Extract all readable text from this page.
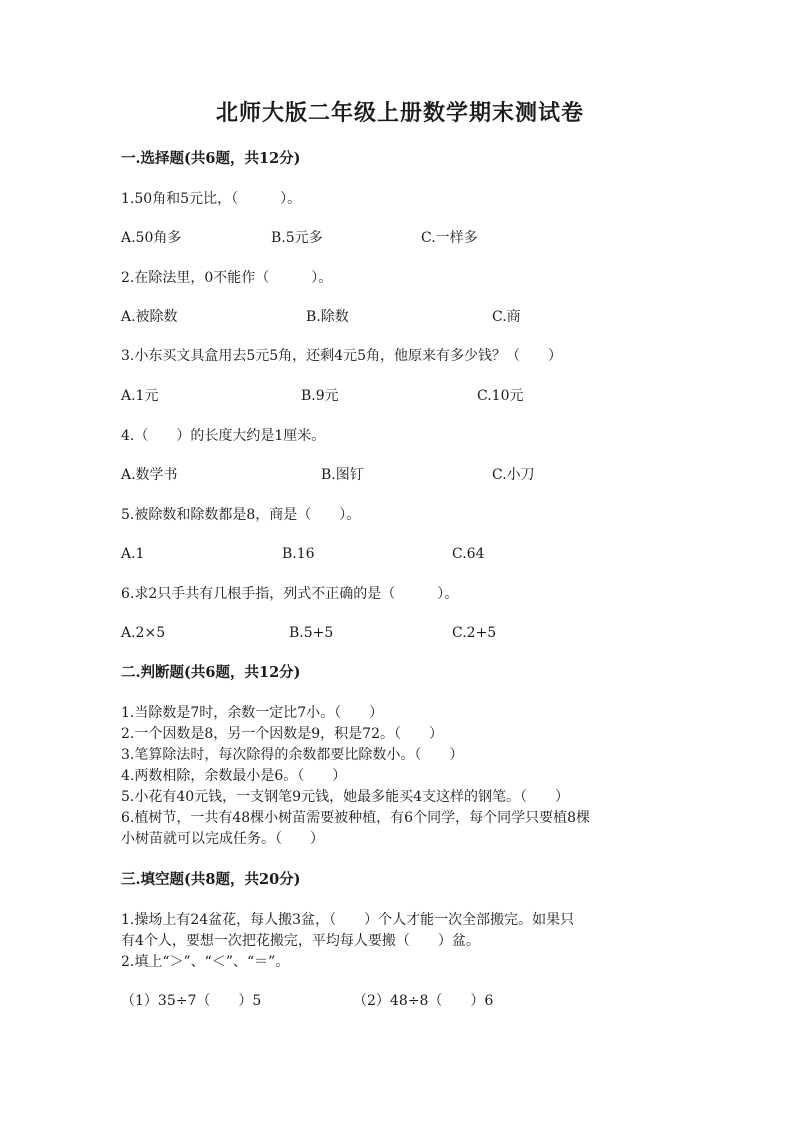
北师大版二年级上册数学期末测试卷
一.选择题(共6题，共12分)
1.50角和5元比，（　　　）。
A.50角多	B.5元多	C.一样多
2.在除法里，0不能作（　　　）。
A.被除数	B.除数	C.商
3.小东买文具盒用去5元5角，还剩4元5角，他原来有多少钱？（　　）
A.1元	B.9元	C.10元
4.（　　）的长度大约是1厘米。
A.数学书	B.图钉	C.小刀
5.被除数和除数都是8，商是（　　）。
A.1	B.16	C.64
6.求2只手共有几根手指，列式不正确的是（　　　）。
A.2×5	B.5+5	C.2+5
二.判断题(共6题，共12分)
1.当除数是7时，余数一定比7小。（　　）
2.一个因数是8，另一个因数是9，积是72。（　　）
3.笔算除法时，每次除得的余数都要比除数小。（　　）
4.两数相除，余数最小是6。（　　）
5.小花有40元钱，一支钢笔9元钱，她最多能买4支这样的钢笔。（　　）
6.植树节，一共有48棵小树苗需要被种植，有6个同学，每个同学只要植8棵
小树苗就可以完成任务。（　　）
三.填空题(共8题，共20分)
1.操场上有24盆花，每人搬3盆，（　　）个人才能一次全部搬完。如果只
有4个人，要想一次把花搬完，平均每人要搬（　　）盆。
2.填上“＞”、“＜”、“＝”。
（1）35÷7（　　）5	（2）48÷8（　　）6
